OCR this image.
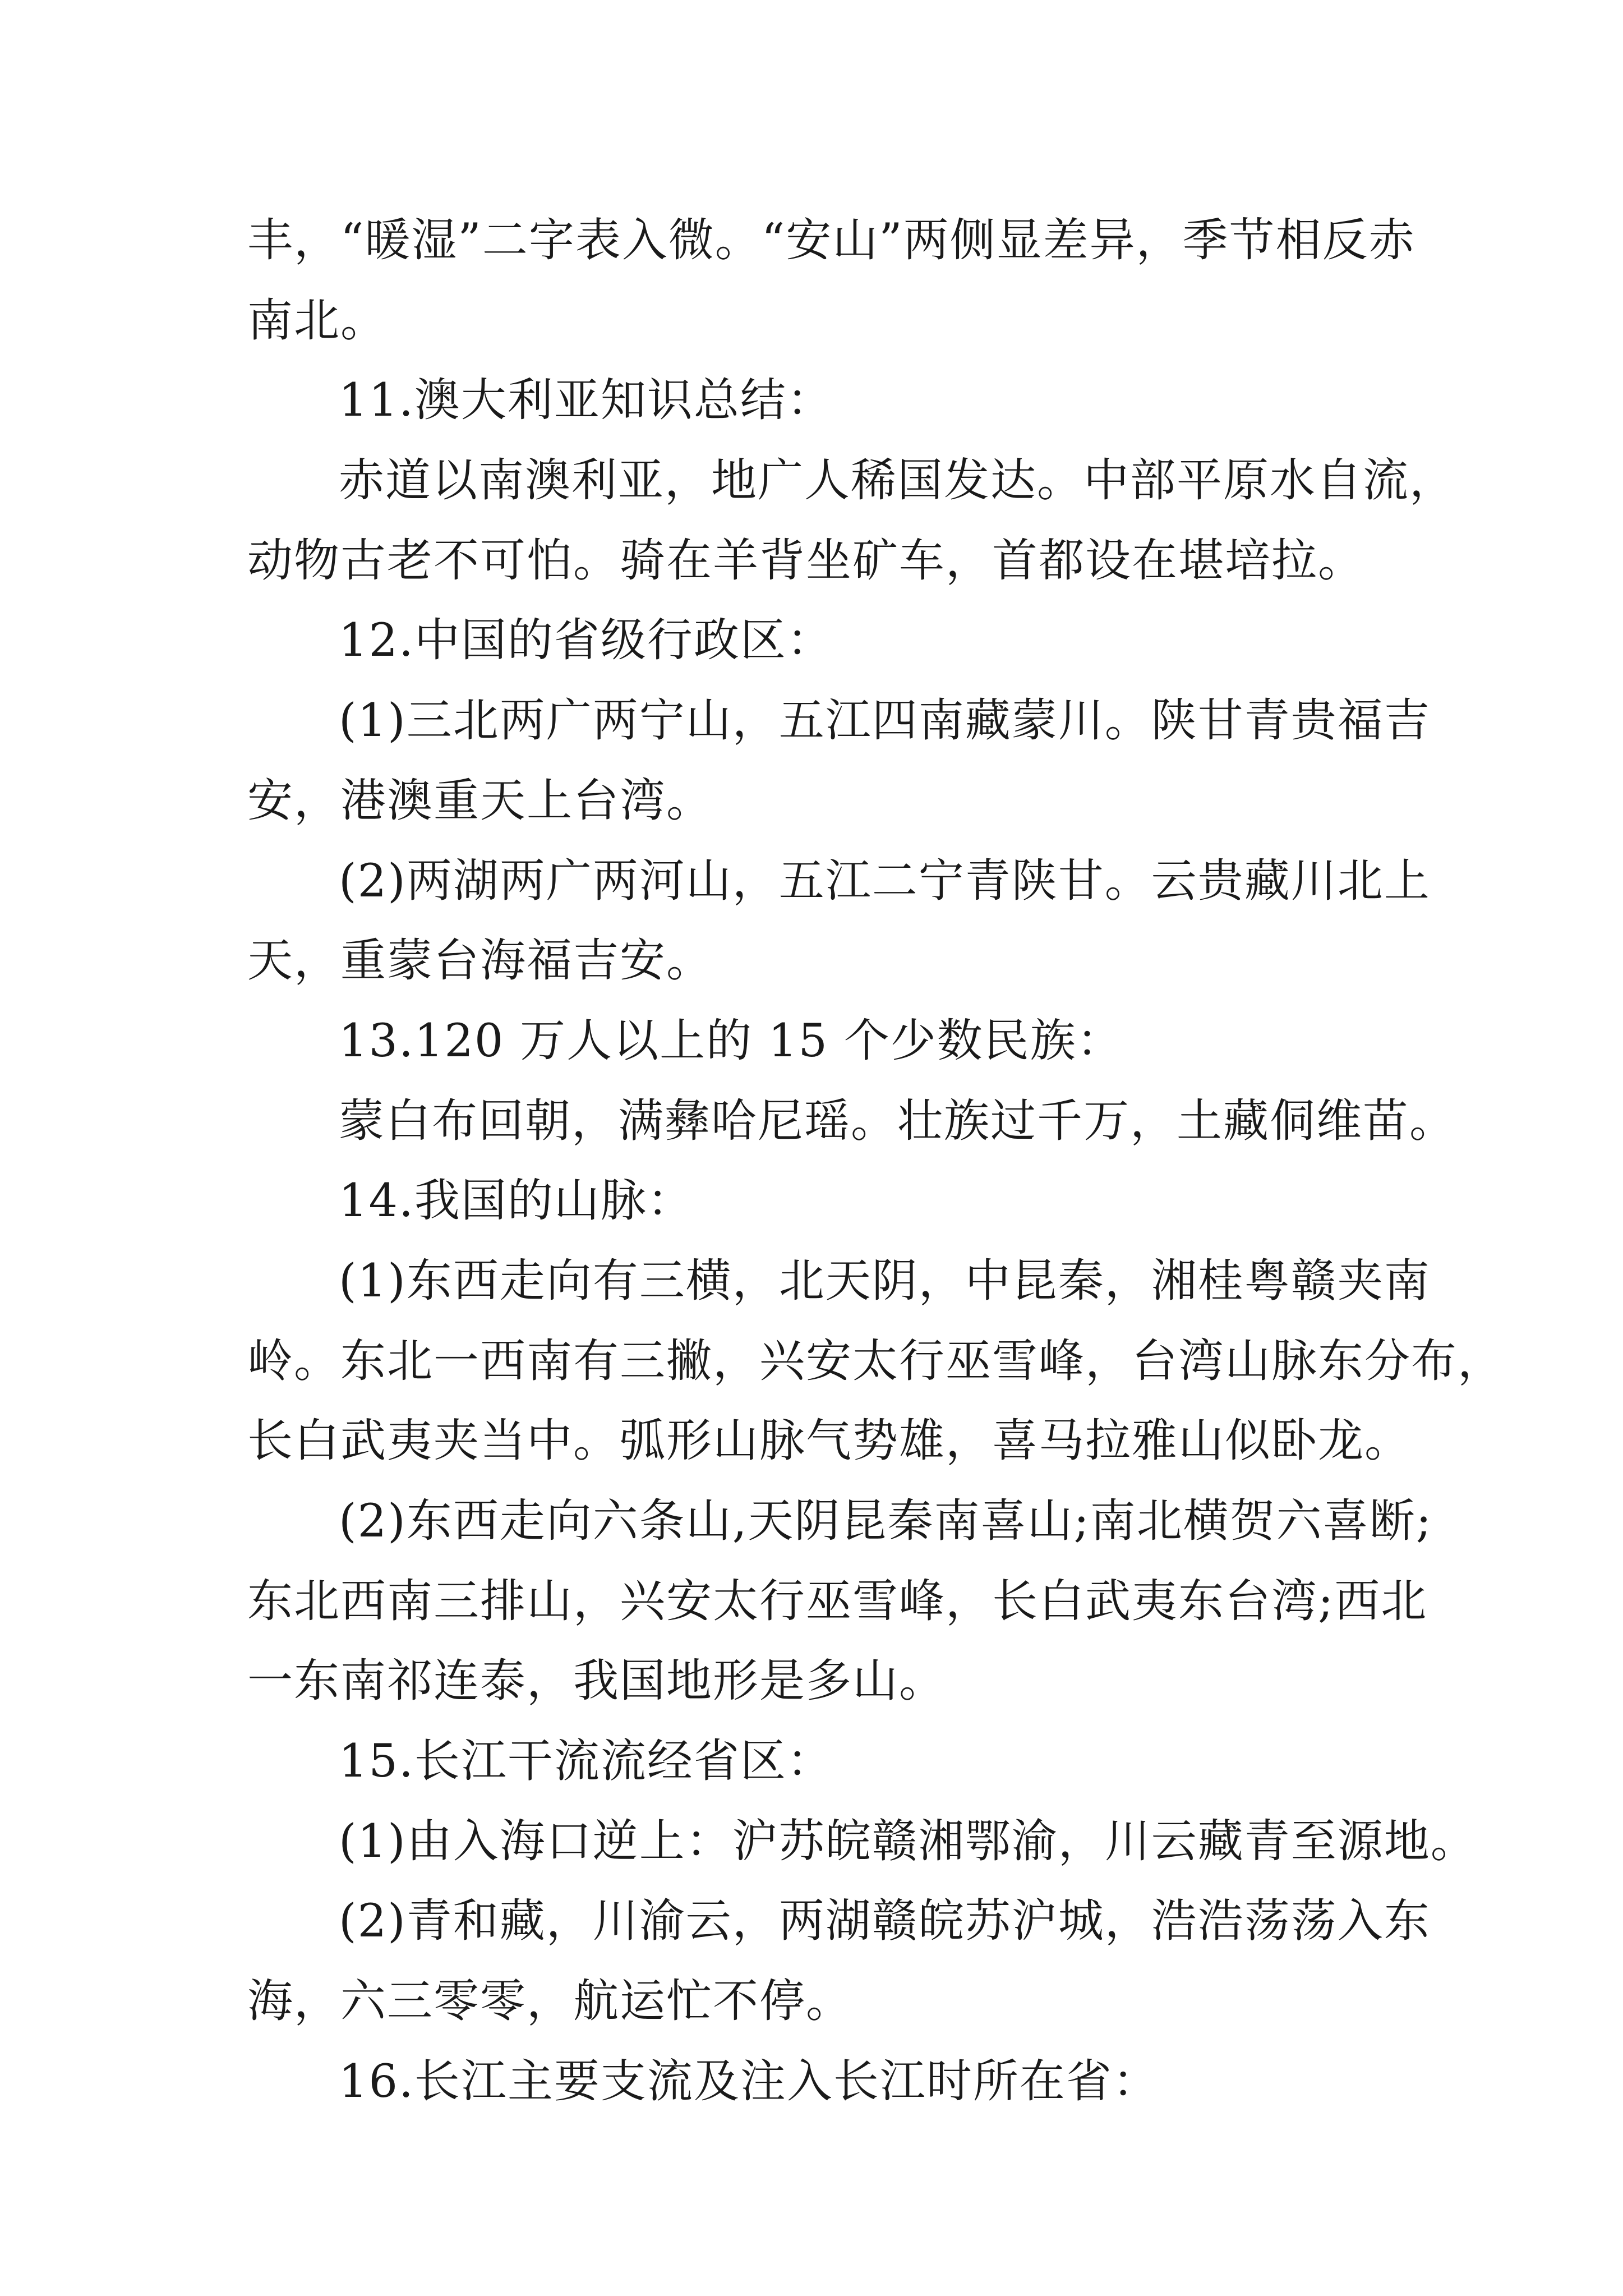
丰，“暖湿”二字表入微。“安山”两侧显差异，季节相反赤
南北。
11.澳大利亚知识总结：
赤道以南澳利亚，地广人稀国发达。中部平原水自流，
动物古老不可怕。骑在羊背坐矿车，首都设在堪培拉。
12.中国的省级行政区：
(1)三北两广两宁山，五江四南藏蒙川。陕甘青贵福吉
安，港澳重天上台湾。
(2)两湖两广两河山，五江二宁青陕甘。云贵藏川北上
天，重蒙台海福吉安。
13.120 万人以上的 15 个少数民族：
蒙白布回朝，满彝哈尼瑶。壮族过千万，土藏侗维苗。
14.我国的山脉：
(1)东西走向有三横，北天阴，中昆秦，湘桂粤赣夹南
岭。东北一西南有三撇，兴安太行巫雪峰，台湾山脉东分布，
长白武夷夹当中。弧形山脉气势雄，喜马拉雅山似卧龙。
(2)东西走向六条山,天阴昆秦南喜山;南北横贺六喜断;
东北西南三排山，兴安太行巫雪峰，长白武夷东台湾;西北
一东南祁连泰，我国地形是多山。
15.长江干流流经省区：
(1)由入海口逆上：沪苏皖赣湘鄂渝，川云藏青至源地。
(2)青和藏，川渝云，两湖赣皖苏沪城，浩浩荡荡入东
海，六三零零，航运忙不停。
16.长江主要支流及注入长江时所在省：
